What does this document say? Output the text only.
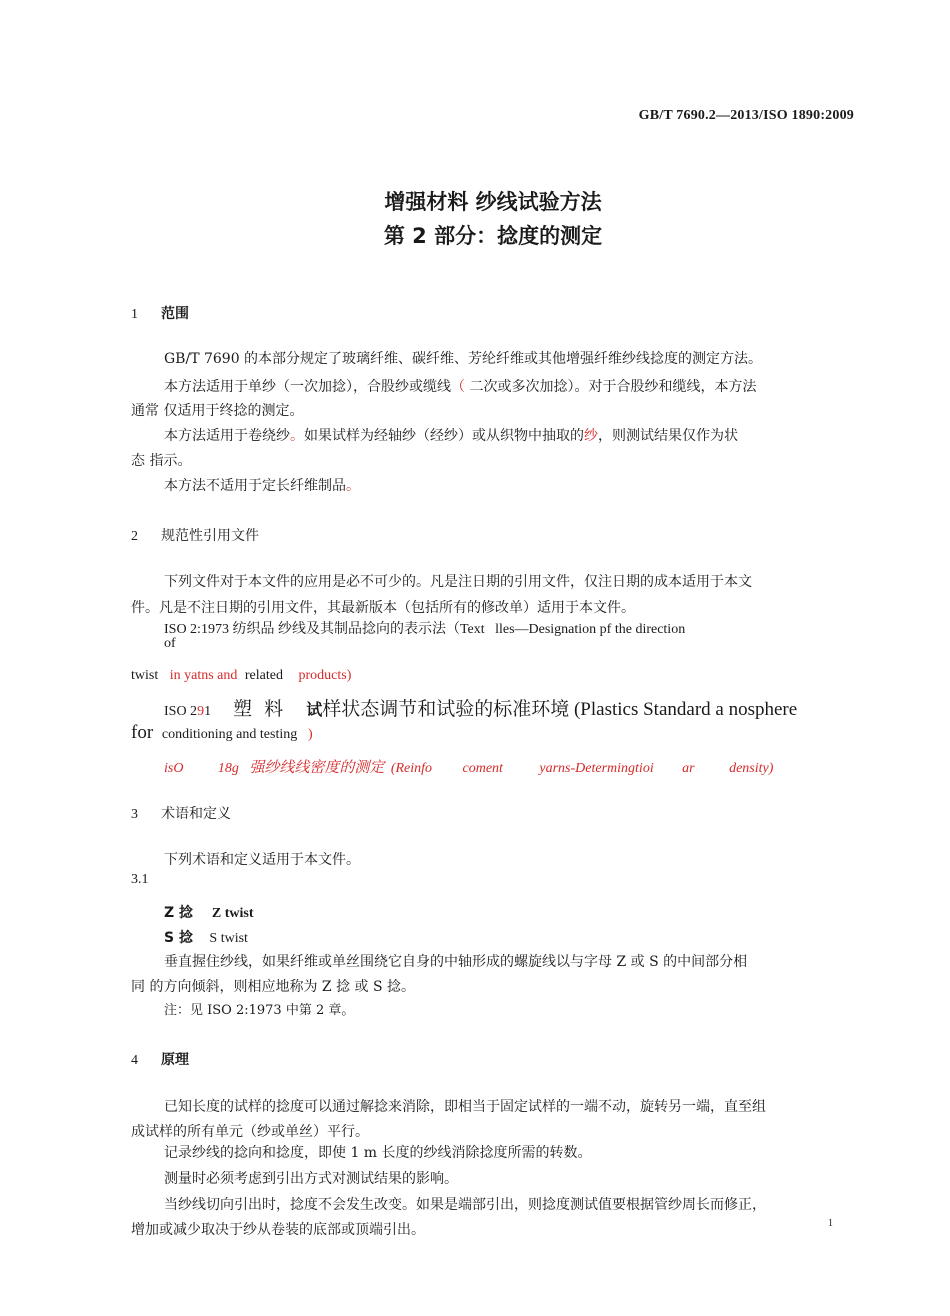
GB/T 7690.2—2013/ISO 1890:2009
增强材料 纱线试验方法
第 2 部分：捻度的测定
1 范围
GB/T 7690 的本部分规定了玻璃纤维、碳纤维、芳纶纤维或其他增强纤维纱线捻度的测定方法。
本方法适用于单纱（一次加捻），合股纱或缆线（ 二次或多次加捻）。对于合股纱和缆线，本方法
通常 仅适用于终捻的测定。
本方法适用于卷绕纱。如果试样为经轴纱（经纱）或从织物中抽取的纱，则测试结果仅作为状
态 指示。
本方法不适用于定长纤维制品。
2 规范性引用文件
下列文件对于本文件的应用是必不可少的。凡是注日期的引用文件，仅注日期的成本适用于本文
件。凡是不注日期的引用文件，其最新版本（包括所有的修改单）适用于本文件。
ISO 2:1973 纺织品 纱线及其制品捻向的表示法（Text lles—Designation pf the direction
of
twist in yatns and related products)
ISO 291 塑 料 试样状态调节和试验的标准环境 (Plastics Standard a nosphere
for conditioning and testing )
isO 18g 强纱线线密度的测定 (Reinfo coment	yarns-Determingtioi ar density)
3 术语和定义
下列术语和定义适用于本文件。
3.1
Z 捻 Z twist
S 捻 S twist
垂直握住纱线，如果纤维或单丝围绕它自身的中轴形成的螺旋线以与字母 Z 或 S 的中间部分相
同 的方向倾斜，则相应地称为 Z 捻 或 S 捻。
注：见 ISO 2:1973 中第 2 章。
4 原理
已知长度的试样的捻度可以通过解捻来消除，即相当于固定试样的一端不动，旋转另一端，直至组
成试样的所有单元（纱或单丝）平行。
记录纱线的捻向和捻度，即使 1 m 长度的纱线消除捻度所需的转数。
测量时必须考虑到引出方式对测试结果的影响。
当纱线切向引出时，捻度不会发生改变。如果是端部引出，则捻度测试值要根据管纱周长而修正，
增加或减少取决于纱从卷装的底部或顶端引出。	1
